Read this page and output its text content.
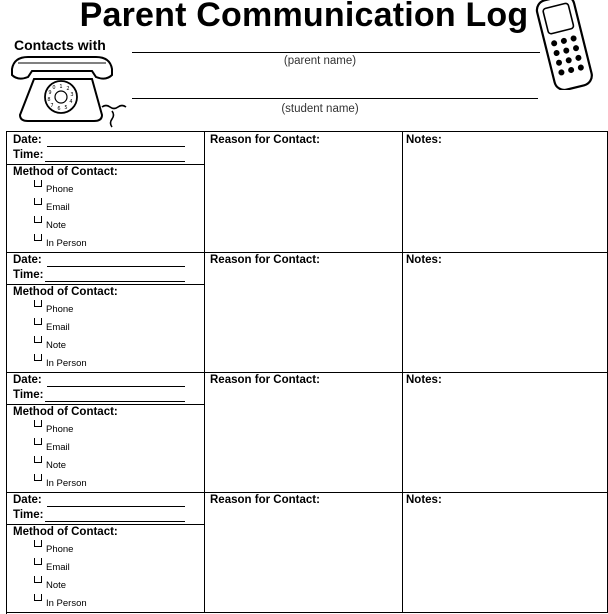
Parent Communication Log
Contacts with
(parent name)
(student name)
1 2
3
4
5
6
7
8
9
0
Date:
Time:
Method of Contact:
Phone
Email
Note
In Person
Reason for Contact:	Notes:
Date:
Time:
Method of Contact:
Phone
Email
Note
In Person
Reason for Contact:	Notes:
Date:
Time:
Method of Contact:
Phone
Email
Note
In Person
Reason for Contact:	Notes:
Date:
Time:
Method of Contact:
Phone
Email
Note
In Person
Reason for Contact:	Notes:
